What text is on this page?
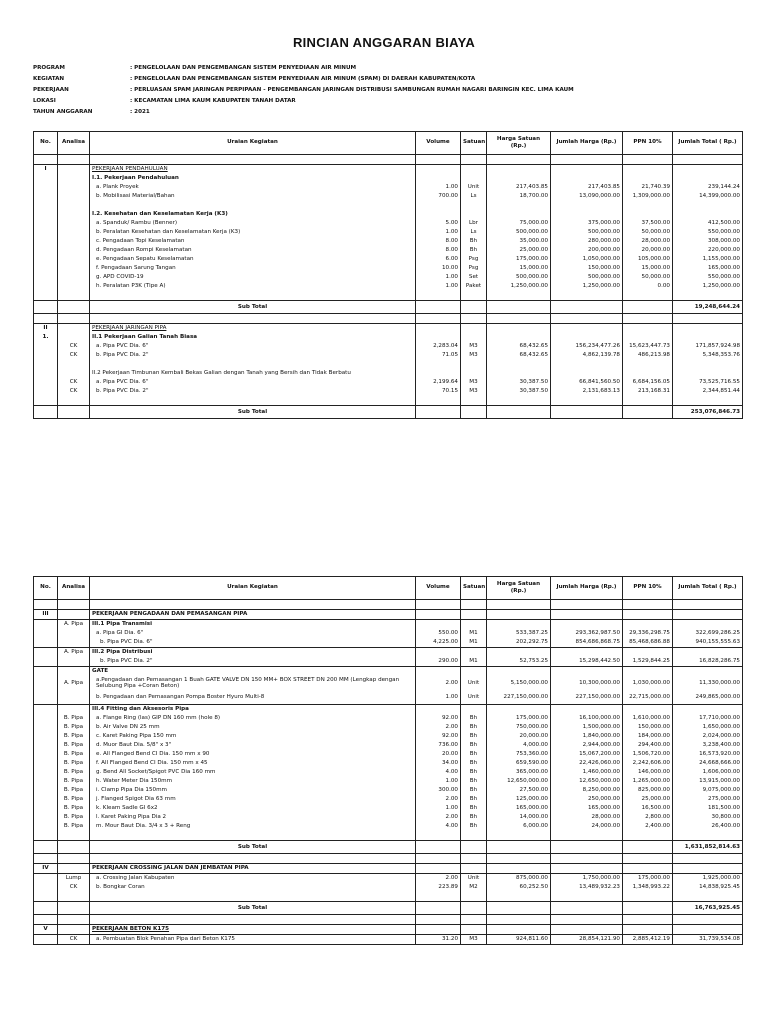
RINCIAN ANGGARAN BIAYA
PROGRAM	: PENGELOLAAN DAN PENGEMBANGAN SISTEM PENYEDIAAN AIR MINUM
KEGIATAN	: PENGELOLAAN DAN PENGEMBANGAN SISTEM PENYEDIAAN AIR MINUM (SPAM) DI DAERAH KABUPATEN/KOTA
PEKERJAAN	: PERLUASAN SPAM JARINGAN PERPIPAAN - PENGEMBANGAN JARINGAN DISTRIBUSI SAMBUNGAN RUMAH NAGARI BARINGIN KEC. LIMA KAUM
LOKASI	: KECAMATAN LIMA KAUM KABUPATEN TANAH DATAR
TAHUN ANGGARAN	: 2021
No.	Analisa	Uraian Kegiatan	Volume	Satuan	Harga Satuan (Rp.)	Jumlah Harga (Rp.)	PPN 10%	Jumlah Total ( Rp.)

I		PEKERJAAN PENDAHULUAN						
		I.1. Pekerjaan Pendahuluan						
		a. Plank Proyek	1.00	Unit	217,403.85	217,403.85	21,740.39	239,144.24
		b. Mobilisasi Material/Bahan	700.00	Ls	18,700.00	13,090,000.00	1,309,000.00	14,399,000.00

		I.2. Kesehatan dan Keselamatan Kerja (K3)						
		a. Spanduk/ Rambu (Benner)	5.00	Lbr	75,000.00	375,000.00	37,500.00	412,500.00
		b. Peralatan Kesehatan dan Keselamatan Kerja (K3)	1.00	Ls	500,000.00	500,000.00	50,000.00	550,000.00
		c. Pengadaan Topi Keselamatan	8.00	Bh	35,000.00	280,000.00	28,000.00	308,000.00
		d. Pengadaan Rompi Keselamatan	8.00	Bh	25,000.00	200,000.00	20,000.00	220,000.00
		e. Pengadaan Sepatu Keselamatan	6.00	Psg	175,000.00	1,050,000.00	105,000.00	1,155,000.00
		f. Pengadaan Sarung Tangan	10.00	Psg	15,000.00	150,000.00	15,000.00	165,000.00
		g. APD COVID-19	1.00	Set	500,000.00	500,000.00	50,000.00	550,000.00
		h. Peralatan P3K (Tipe A)	1.00	Paket	1,250,000.00	1,250,000.00	0.00	1,250,000.00

		Sub Total						19,248,644.24

II		PEKERJAAN JARINGAN PIPA						
1.		II.1 Pekerjaan Galian Tanah Biasa						
	CK	a. Pipa PVC Dia. 6"	2,283.04	M3	68,432.65	156,234,477.26	15,623,447.73	171,857,924.98
	CK	b. Pipa PVC Dia. 2"	71.05	M3	68,432.65	4,862,139.78	486,213.98	5,348,353.76

		II.2 Pekerjaan Timbunan Kembali Bekas Galian dengan Tanah yang Bersih dan Tidak Berbatu						
	CK	a. Pipa PVC Dia. 6"	2,199.64	M3	30,387.50	66,841,560.50	6,684,156.05	73,525,716.55
	CK	b. Pipa PVC Dia. 2"	70.15	M3	30,387.50	2,131,683.13	213,168.31	2,344,851.44

		Sub Total						253,076,846.73
No.	Analisa	Uraian Kegiatan	Volume	Satuan	Harga Satuan (Rp.)	Jumlah Harga (Rp.)	PPN 10%	Jumlah Total ( Rp.)

III		PEKERJAAN PENGADAAN DAN PEMASANGAN PIPA						
	A. Pipa	III.1 Pipa Transmisi						
		a. Pipa GI Dia. 6"	550.00	M1	533,387.25	293,362,987.50	29,336,298.75	322,699,286.25
		b. Pipa PVC Dia. 6"	4,225.00	M1	202,292.75	854,686,868.75	85,468,686.88	940,155,555.63
	A. Pipa	III.2 Pipa Distribusi						
		b. Pipa PVC Dia. 2"	290.00	M1	52,753.25	15,298,442.50	1,529,844.25	16,828,286.75
		GATE						
	A. Pipa	a.Pengadaan dan Pemasangan 1 Buah GATE VALVE DN 150 MM+ BOX STREET DN 200 MM (Lengkap dengan Selubung Pipa +Coran Beton)	2.00	Unit	5,150,000.00	10,300,000.00	1,030,000.00	11,330,000.00
		b. Pengadaan dan Pemasangan Pompa Boster Hyuro Multi-8	1.00	Unit	227,150,000.00	227,150,000.00	22,715,000.00	249,865,000.00
		III.4 Fitting dan Aksesoris Pipa						
	B. Pipa	a. Flange Ring (las) GIP DN 160 mm (hole 8)	92.00	Bh	175,000.00	16,100,000.00	1,610,000.00	17,710,000.00
	B. Pipa	b. Air Valve DN 25 mm	2.00	Bh	750,000.00	1,500,000.00	150,000.00	1,650,000.00
	B. Pipa	c. Karet Paking Pipa 150 mm	92.00	Bh	20,000.00	1,840,000.00	184,000.00	2,024,000.00
	B. Pipa	d. Muor Baut Dia. 5/8" x 3"	736.00	Bh	4,000.00	2,944,000.00	294,400.00	3,238,400.00
	B. Pipa	e. All Flanged Bend CI Dia. 150 mm x 90	20.00	Bh	753,360.00	15,067,200.00	1,506,720.00	16,573,920.00
	B. Pipa	f. All Flanged Bend CI Dia. 150 mm x 45	34.00	Bh	659,590.00	22,426,060.00	2,242,606.00	24,668,666.00
	B. Pipa	g. Bend All Socket/Spigot PVC Dia 160 mm	4.00	Bh	365,000.00	1,460,000.00	146,000.00	1,606,000.00
	B. Pipa	h. Water Meter Dia 150mm	1.00	Bh	12,650,000.00	12,650,000.00	1,265,000.00	13,915,000.00
	B. Pipa	i. Clamp Pipa Dia 150mm	300.00	Bh	27,500.00	8,250,000.00	825,000.00	9,075,000.00
	B. Pipa	j. Flanged Spigot Dia 63 mm	2.00	Bh	125,000.00	250,000.00	25,000.00	275,000.00
	B. Pipa	k. Kleam Sadle GI 6x2	1.00	Bh	165,000.00	165,000.00	16,500.00	181,500.00
	B. Pipa	l. Karet Paking Pipa Dia 2	2.00	Bh	14,000.00	28,000.00	2,800.00	30,800.00
	B. Pipa	m. Mour Baut Dia. 3/4 x 3 + Reng	4.00	Bh	6,000.00	24,000.00	2,400.00	26,400.00

		Sub Total						1,631,852,814.63

IV		PEKERJAAN CROSSING JALAN DAN JEMBATAN PIPA						
	Lump	a. Crossing Jalan Kabupaten	2.00	Unit	875,000.00	1,750,000.00	175,000.00	1,925,000.00
	CK	b. Bongkar Coran	223.89	M2	60,252.50	13,489,932.23	1,348,993.22	14,838,925.45

		Sub Total						16,763,925.45

V		PEKERJAAN BETON K175						
	CK	a. Pembuatan Blok Penahan Pipa dari Beton K175	31.20	M3	924,811.60	28,854,121.90	2,885,412.19	31,739,534.08
